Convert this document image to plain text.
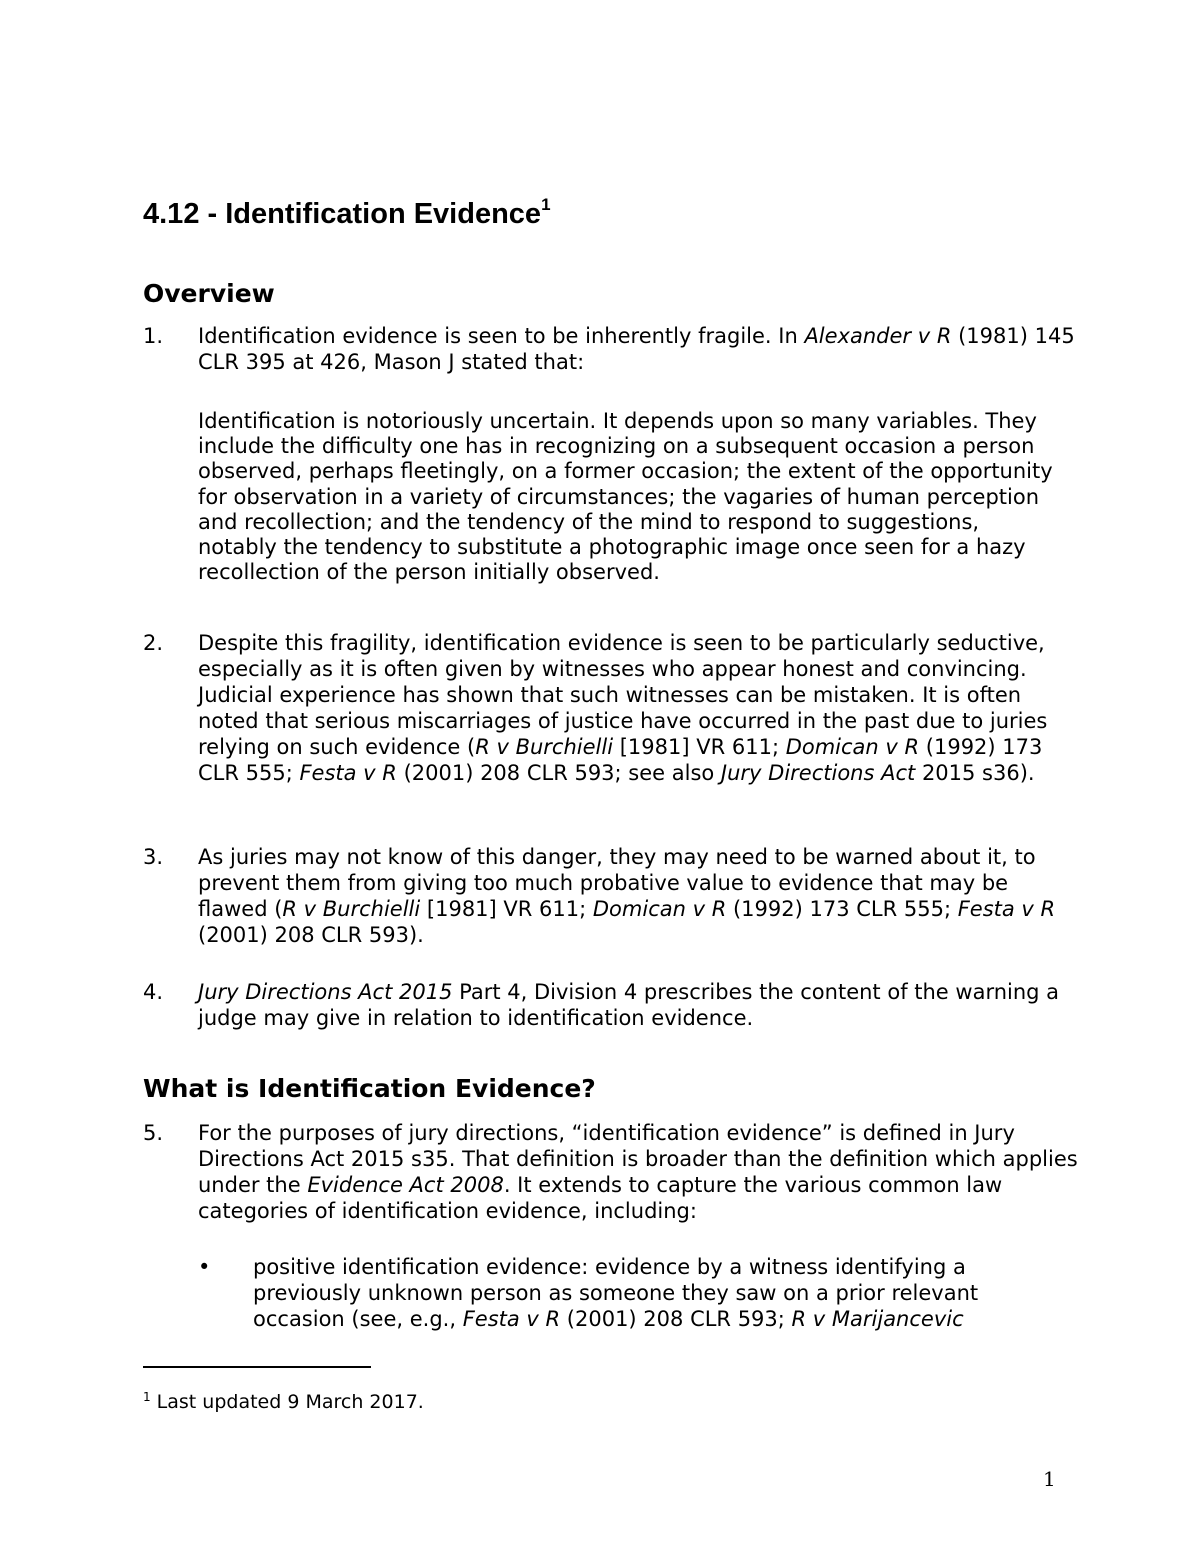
4.12 - Identification Evidence$^1$
Overview
1.	Identification evidence is seen to be inherently fragile. In Alexander v R (1981) 145 CLR 395 at 426, Mason J stated that:
Identification is notoriously uncertain. It depends upon so many variables. They include the difficulty one has in recognizing on a subsequent occasion a person observed, perhaps fleetingly, on a former occasion; the extent of the opportunity for observation in a variety of circumstances; the vagaries of human perception and recollection; and the tendency of the mind to respond to suggestions, notably the tendency to substitute a photographic image once seen for a hazy recollection of the person initially observed.
2.	Despite this fragility, identification evidence is seen to be particularly seductive, especially as it is often given by witnesses who appear honest and convincing. Judicial experience has shown that such witnesses can be mistaken. It is often noted that serious miscarriages of justice have occurred in the past due to juries relying on such evidence (R v Burchielli [1981] VR 611; Domican v R (1992) 173 CLR 555; Festa v R (2001) 208 CLR 593; see also Jury Directions Act 2015 s36).
3.	As juries may not know of this danger, they may need to be warned about it, to prevent them from giving too much probative value to evidence that may be flawed (R v Burchielli [1981] VR 611; Domican v R (1992) 173 CLR 555; Festa v R (2001) 208 CLR 593).
4.	Jury Directions Act 2015 Part 4, Division 4 prescribes the content of the warning a judge may give in relation to identification evidence.
What is Identification Evidence?
5.	For the purposes of jury directions, “identification evidence” is defined in Jury Directions Act 2015 s35. That definition is broader than the definition which applies under the Evidence Act 2008. It extends to capture the various common law categories of identification evidence, including:
• positive identification evidence: evidence by a witness identifying a previously unknown person as someone they saw on a prior relevant occasion (see, e.g., Festa v R (2001) 208 CLR 593; R v Marijancevic
$^1$ Last updated 9 March 2017.
1
